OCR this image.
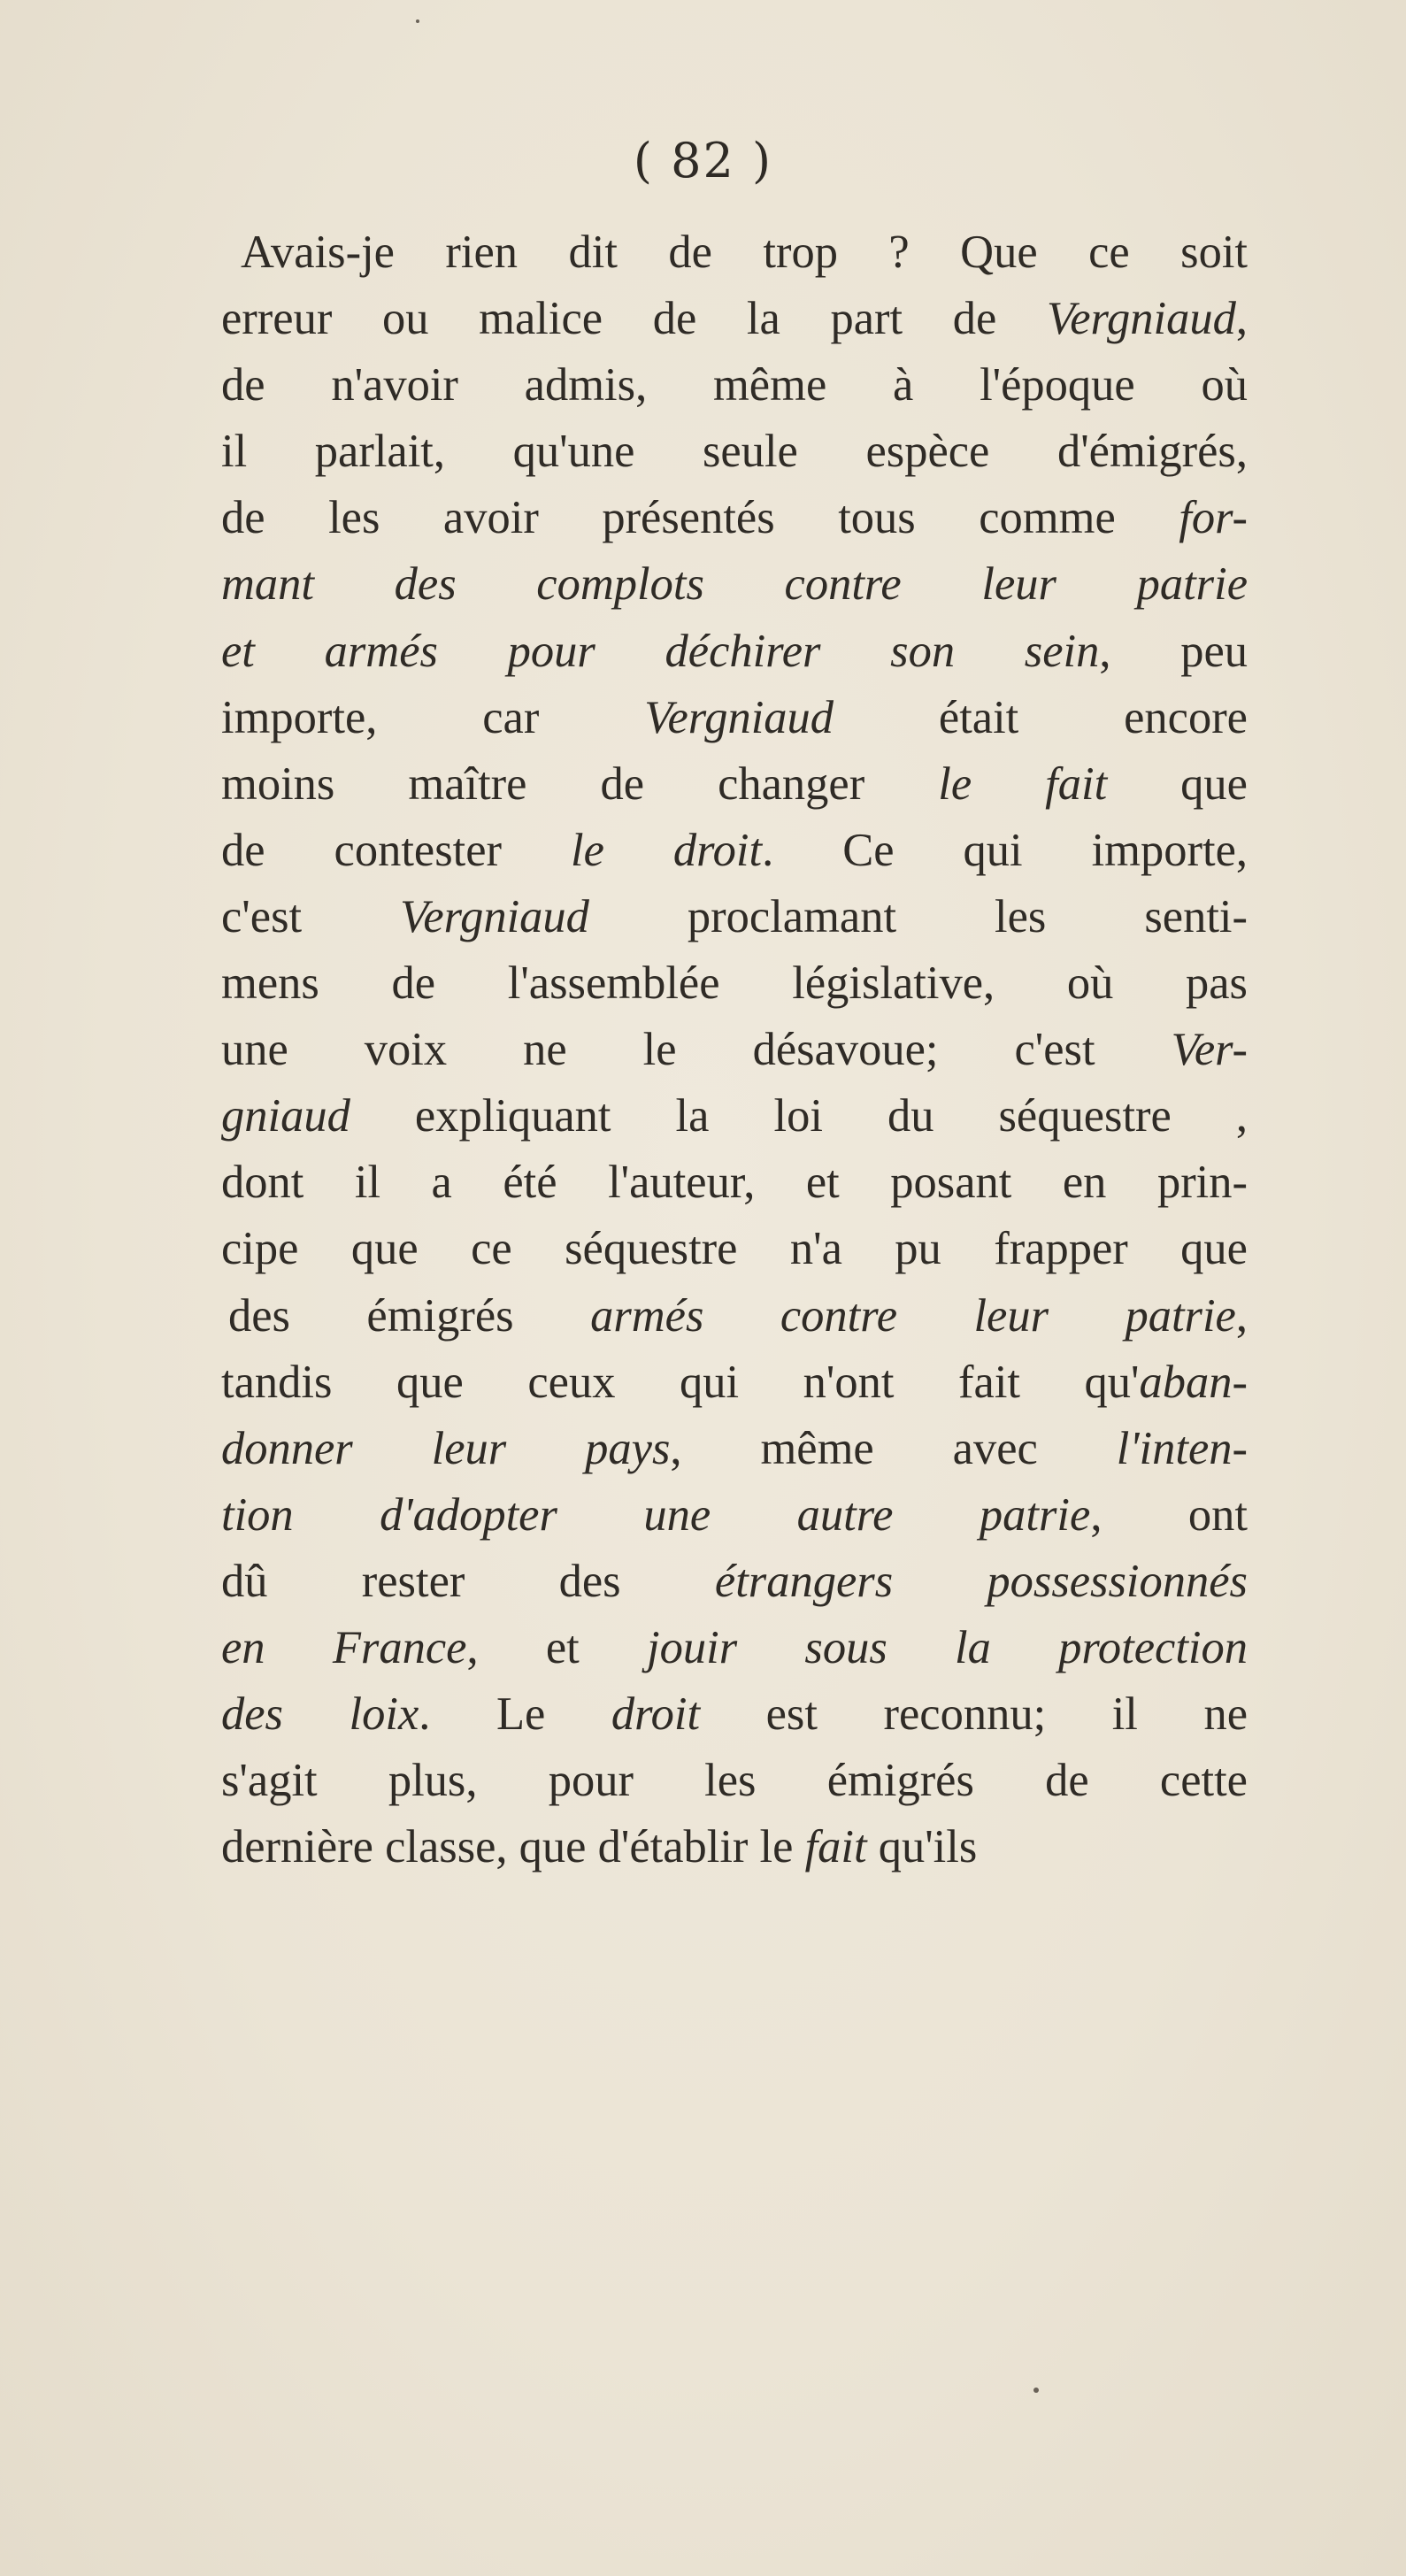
( 82 )
Avais-je rien dit de trop ? Que ce soit
erreur ou malice de la part de Vergniaud,
de n'avoir admis, même à l'époque où
il parlait, qu'une seule espèce d'émigrés,
de les avoir présentés tous comme for-
mant des complots contre leur patrie
et armés pour déchirer son sein, peu
importe, car Vergniaud était encore
moins maître de changer le fait que
de contester le droit. Ce qui importe,
c'est Vergniaud proclamant les senti-
mens de l'assemblée législative, où pas
une voix ne le désavoue; c'est Ver-
gniaud expliquant la loi du séquestre ,
dont il a été l'auteur, et posant en prin-
cipe que ce séquestre n'a pu frapper que
des émigrés armés contre leur patrie,
tandis que ceux qui n'ont fait qu'aban-
donner leur pays, même avec l'inten-
tion d'adopter une autre patrie, ont
dû rester des étrangers possessionnés
en France, et jouir sous la protection
des loix. Le droit est reconnu; il ne
s'agit plus, pour les émigrés de cette
dernière classe, que d'établir le fait qu'ils
